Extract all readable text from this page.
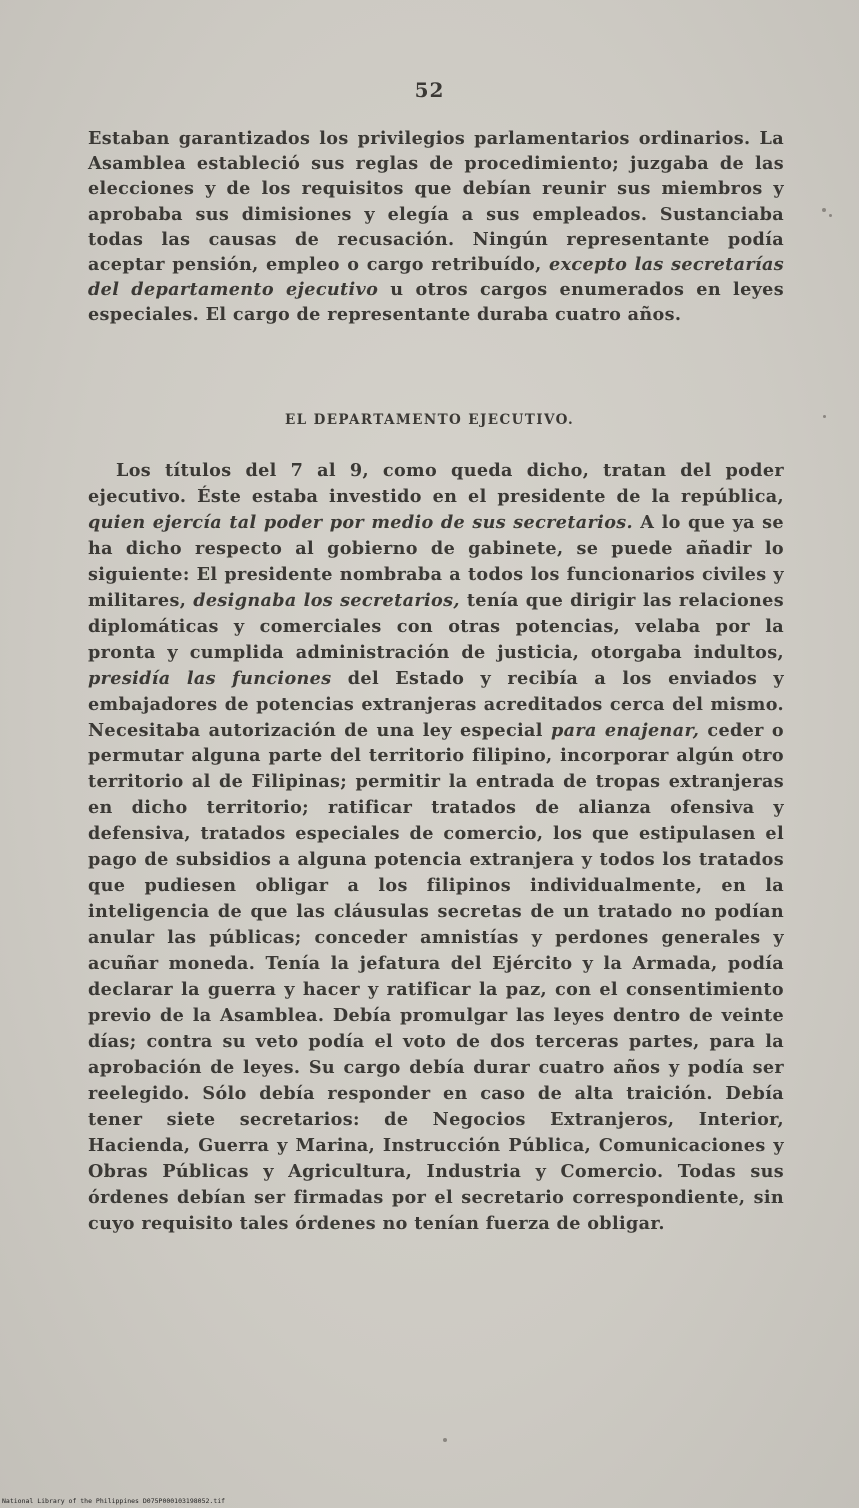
52
Estaban garantizados los privilegios parlamentarios ordinarios. La Asamblea estableció sus reglas de procedimiento; juzgaba de las elecciones y de los requisitos que debían reunir sus miembros y aprobaba sus dimisiones y elegía a sus empleados. Sustanciaba todas las causas de recusación. Ningún representante podía aceptar pensión, empleo o cargo retribuído, excepto las secretarías del departamento ejecutivo u otros cargos enumerados en leyes especiales. El cargo de representante duraba cuatro años.
EL DEPARTAMENTO EJECUTIVO.
Los títulos del 7 al 9, como queda dicho, tratan del poder ejecutivo. Éste estaba investido en el presidente de la república, quien ejercía tal poder por medio de sus secretarios. A lo que ya se ha dicho respecto al gobierno de gabinete, se puede añadir lo siguiente: El presidente nombraba a todos los funcionarios civiles y militares, designaba los secretarios, tenía que dirigir las relaciones diplomáticas y comerciales con otras potencias, velaba por la pronta y cumplida administración de justicia, otorgaba indultos, presidía las funciones del Estado y recibía a los enviados y embajadores de potencias extranjeras acreditados cerca del mismo. Necesitaba autorización de una ley especial para enajenar, ceder o permutar alguna parte del territorio filipino, incorporar algún otro territorio al de Filipinas; permitir la entrada de tropas extranjeras en dicho territorio; ratificar tratados de alianza ofensiva y defensiva, tratados especiales de comercio, los que estipulasen el pago de subsidios a alguna potencia extranjera y todos los tratados que pudiesen obligar a los filipinos individualmente, en la inteligencia de que las cláusulas secretas de un tratado no podían anular las públicas; conceder amnistías y perdones generales y acuñar moneda. Tenía la jefatura del Ejército y la Armada, podía declarar la guerra y hacer y ratificar la paz, con el consentimiento previo de la Asamblea. Debía promulgar las leyes dentro de veinte días; contra su veto podía el voto de dos terceras partes, para la aprobación de leyes. Su cargo debía durar cuatro años y podía ser reelegido. Sólo debía responder en caso de alta traición. Debía tener siete secretarios: de Negocios Extranjeros, Interior, Hacienda, Guerra y Marina, Instrucción Pública, Comunicaciones y Obras Públicas y Agricultura, Industria y Comercio. Todas sus órdenes debían ser firmadas por el secretario correspondiente, sin cuyo requisito tales órdenes no tenían fuerza de obligar.
National Library of the Philippines D075P000103198052.tif
